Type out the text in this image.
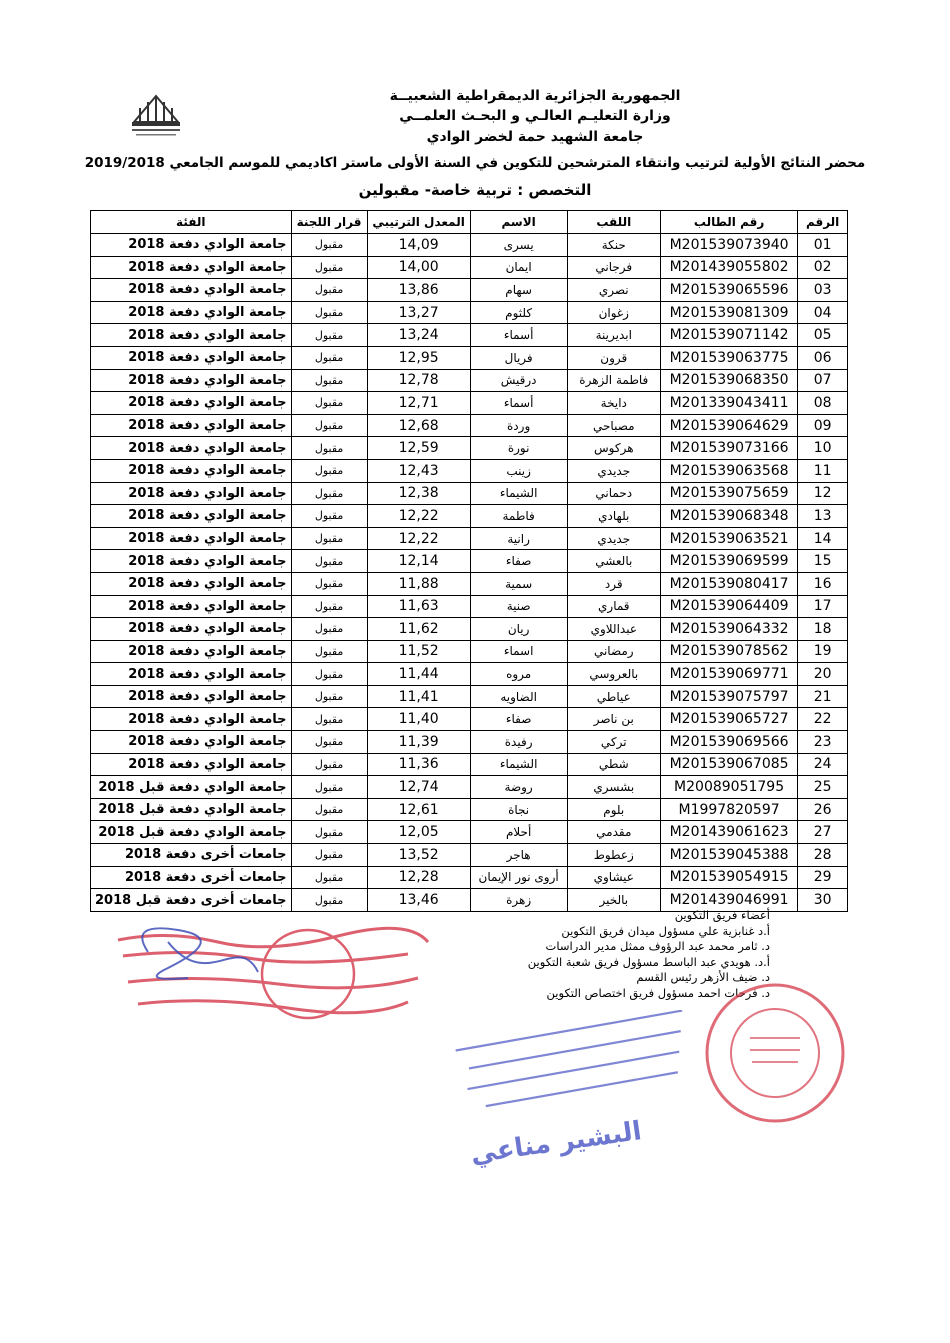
الجمهورية الجزائرية الديمقراطية الشعبيــة
وزارة التعليـم العالـي و البحـث العلمــي
جامعة الشهيد حمة لخضر الوادي
محضر النتائج الأولية لترتيب وانتقاء المترشحين للتكوين في السنة الأولى ماستر اكاديمي للموسم الجامعي 2019/2018
التخصص : تربية خاصة- مقبولين
الرقم	رقم الطالب	اللقب	الاسم	المعدل الترتيبي	قرار اللجنة	الفئة
01	M201539073940	حنكة	يسرى	14,09	مقبول	جامعة الوادي دفعة 2018
02	M201439055802	فرجاني	ايمان	14,00	مقبول	جامعة الوادي دفعة 2018
03	M201539065596	نصري	سهام	13,86	مقبول	جامعة الوادي دفعة 2018
04	M201539081309	زغوان	كلثوم	13,27	مقبول	جامعة الوادي دفعة 2018
05	M201539071142	ابديرينة	أسماء	13,24	مقبول	جامعة الوادي دفعة 2018
06	M201539063775	قرون	فريال	12,95	مقبول	جامعة الوادي دفعة 2018
07	M201539068350	فاطمة الزهرة	درقيش	12,78	مقبول	جامعة الوادي دفعة 2018
08	M201339043411	دايخة	أسماء	12,71	مقبول	جامعة الوادي دفعة 2018
09	M201539064629	مصباحي	وردة	12,68	مقبول	جامعة الوادي دفعة 2018
10	M201539073166	هركوس	نورة	12,59	مقبول	جامعة الوادي دفعة 2018
11	M201539063568	جديدي	زينب	12,43	مقبول	جامعة الوادي دفعة 2018
12	M201539075659	دحماني	الشيماء	12,38	مقبول	جامعة الوادي دفعة 2018
13	M201539068348	بلهادي	فاطمة	12,22	مقبول	جامعة الوادي دفعة 2018
14	M201539063521	جديدي	رانية	12,22	مقبول	جامعة الوادي دفعة 2018
15	M201539069599	بالعشي	صفاء	12,14	مقبول	جامعة الوادي دفعة 2018
16	M201539080417	قرد	سمية	11,88	مقبول	جامعة الوادي دفعة 2018
17	M201539064409	قماري	صنية	11,63	مقبول	جامعة الوادي دفعة 2018
18	M201539064332	عبداللاوي	ريان	11,62	مقبول	جامعة الوادي دفعة 2018
19	M201539078562	رمضاني	اسماء	11,52	مقبول	جامعة الوادي دفعة 2018
20	M201539069771	بالعروسي	مروه	11,44	مقبول	جامعة الوادي دفعة 2018
21	M201539075797	عياطي	الضاويه	11,41	مقبول	جامعة الوادي دفعة 2018
22	M201539065727	بن ناصر	صفاء	11,40	مقبول	جامعة الوادي دفعة 2018
23	M201539069566	تركي	رفيدة	11,39	مقبول	جامعة الوادي دفعة 2018
24	M201539067085	شطي	الشيماء	11,36	مقبول	جامعة الوادي دفعة 2018
25	M20089051795	بشسري	روضة	12,74	مقبول	جامعة الوادي دفعة قبل 2018
26	M1997820597	بلوم	نجاة	12,61	مقبول	جامعة الوادي دفعة قبل 2018
27	M201439061623	مقدمي	أحلام	12,05	مقبول	جامعة الوادي دفعة قبل 2018
28	M201539045388	زعطوط	هاجر	13,52	مقبول	جامعات أخرى دفعة 2018
29	M201539054915	عيشاوي	أروى نور الإيمان	12,28	مقبول	جامعات أخرى دفعة 2018
30	M201439046991	بالخير	زهرة	13,46	مقبول	جامعات أخرى دفعة قبل 2018
أعضاء فريق التكوين
أ.د غنابزية علي مسؤول ميدان فريق التكوين
د. ثامر محمد عبد الرؤوف ممثل مدير الدراسات
أ.د. هويدي عبد الباسط مسؤول فريق شعبة التكوين
د. ضيف الأزهر رئيس القسم
د. فرحات احمد مسؤول فريق اختصاص التكوين
البشير مناعي
